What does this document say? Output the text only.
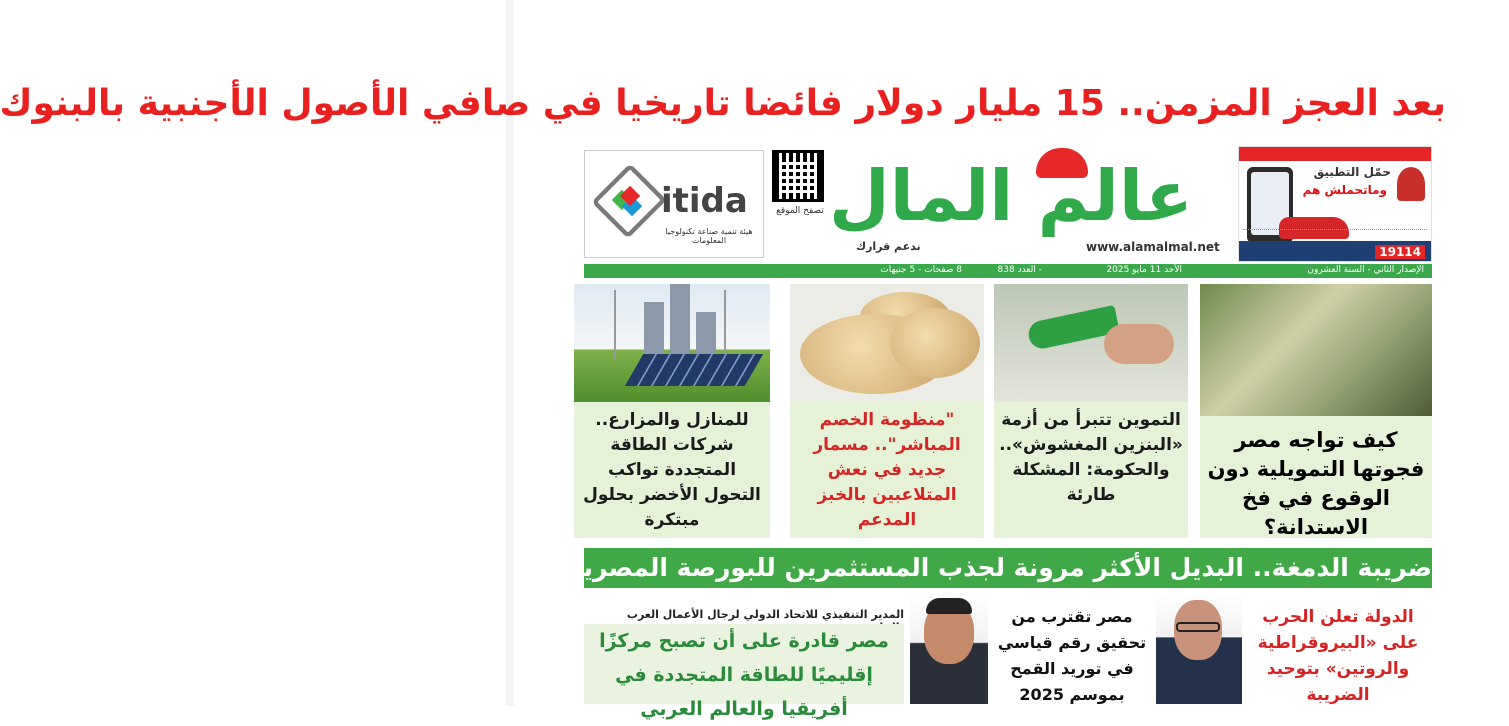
بعد العجز المزمن.. 15 مليار دولار فائضا تاريخيا في صافي الأصول الأجنبية بالبنوك
حمّل التطبيق
وماتحملش هم
19114
عالم المال
www.alamalmal.net
ندعم قرارك
تصفح الموقع
itida
هيئة تنمية صناعة تكنولوجيا المعلومات
الإصدار الثاني - السنة العشرون
الأحد 11 مايو 2025
- العدد 838
8 صفحات - 5 جنيهات
كيف تواجه مصر فجوتها التمويلية دون الوقوع في فخ الاستدانة؟
التموين تتبرأ من أزمة «البنزين المغشوش».. والحكومة: المشكلة طارئة
"منظومة الخصم المباشر".. مسمار جديد في نعش المتلاعبين بالخبز المدعم
للمنازل والمزارع.. شركات الطاقة المتجددة تواكب التحول الأخضر بحلول مبتكرة
ضريبة الدمغة.. البديل الأكثر مرونة لجذب المستثمرين للبورصة المصرية
الدولة تعلن الحرب على «البيروقراطية والروتين» بتوحيد الضريبة
مصر تقترب من تحقيق رقم قياسي في توريد القمح بموسم 2025
المدير التنفيذي للاتحاد الدولي لرجال الأعمال العرب
مصر قادرة على أن تصبح مركزًا إقليميًا للطاقة المتجددة في أفريقيا والعالم العربي
